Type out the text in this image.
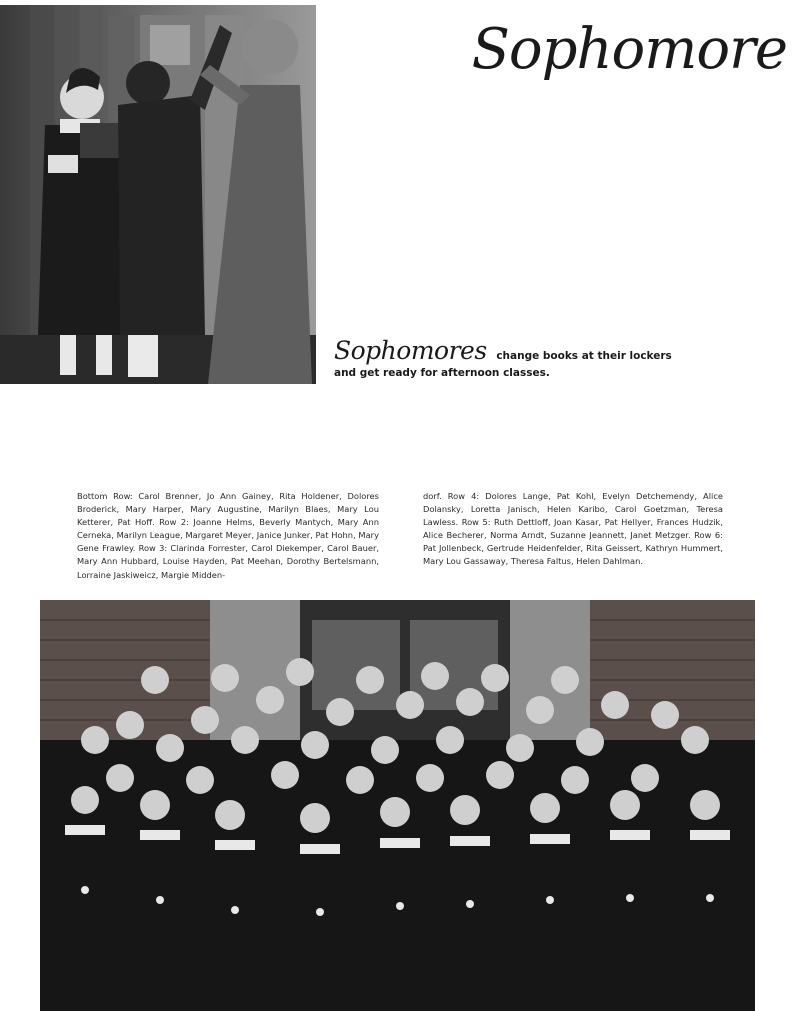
Sophomore
Sophomores change books at their lockers and get ready for afternoon classes.
Bottom Row: Carol Brenner, Jo Ann Gainey, Rita Holdener, Dolores Broderick, Mary Harper, Mary Augustine, Marilyn Blaes, Mary Lou Ketterer, Pat Hoff. Row 2: Joanne Helms, Beverly Mantych, Mary Ann Cerneka, Marilyn League, Margaret Meyer, Janice Junker, Pat Hohn, Mary Gene Frawley. Row 3: Clarinda Forrester, Carol Diekemper, Carol Bauer, Mary Ann Hubbard, Louise Hayden, Pat Meehan, Dorothy Bertelsmann, Lorraine Jaskiweicz, Margie Midden-
dorf. Row 4: Dolores Lange, Pat Kohl, Evelyn Detchemendy, Alice Dolansky, Loretta Janisch, Helen Karibo, Carol Goetzman, Teresa Lawless. Row 5: Ruth Dettloff, Joan Kasar, Pat Hellyer, Frances Hudzik, Alice Becherer, Norma Arndt, Suzanne Jeannett, Janet Metzger. Row 6: Pat Jollenbeck, Gertrude Heidenfelder, Rita Geissert, Kathryn Hummert, Mary Lou Gassaway, Theresa Faltus, Helen Dahlman.
